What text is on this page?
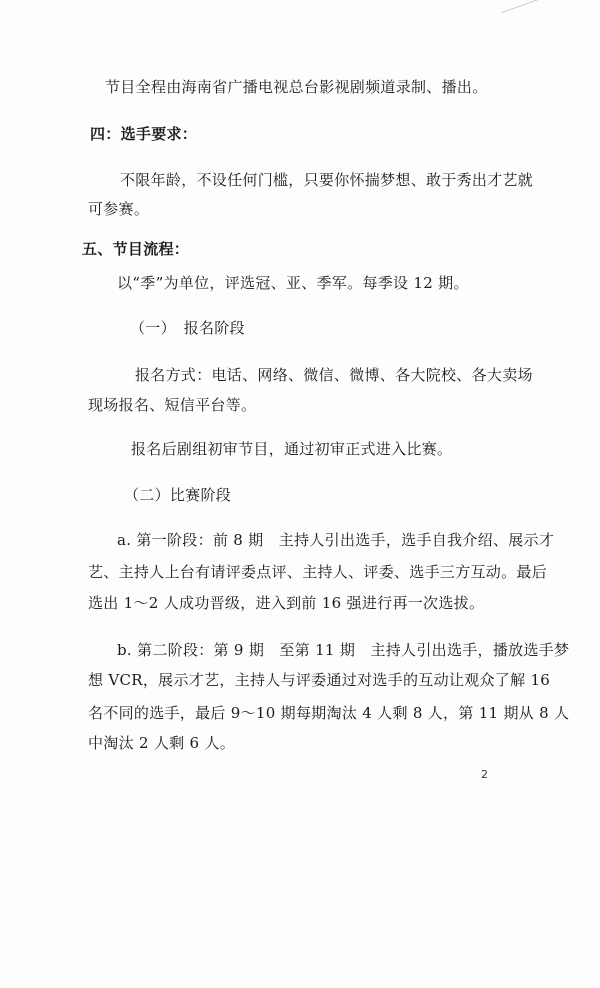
节目全程由海南省广播电视总台影视剧频道录制、播出。
四：选手要求：
不限年龄，不设任何门槛，只要你怀揣梦想、敢于秀出才艺就
可参赛。
五、节目流程：
以“季”为单位，评选冠、亚、季军。每季设 12 期。
（一）　报名阶段
报名方式：电话、网络、微信、微博、各大院校、各大卖场
现场报名、短信平台等。
报名后剧组初审节目，通过初审正式进入比赛。
（二）比赛阶段
a. 第一阶段：前 8 期　主持人引出选手，选手自我介绍、展示才
艺、主持人上台有请评委点评、主持人、评委、选手三方互动。最后
选出 1～2 人成功晋级，进入到前 16 强进行再一次选拔。
b. 第二阶段：第 9 期　至第 11 期　主持人引出选手，播放选手梦
想 VCR，展示才艺，主持人与评委通过对选手的互动让观众了解 16
名不同的选手，最后 9～10 期每期淘汰 4 人剩 8 人，第 11 期从 8 人
中淘汰 2 人剩 6 人。
2
